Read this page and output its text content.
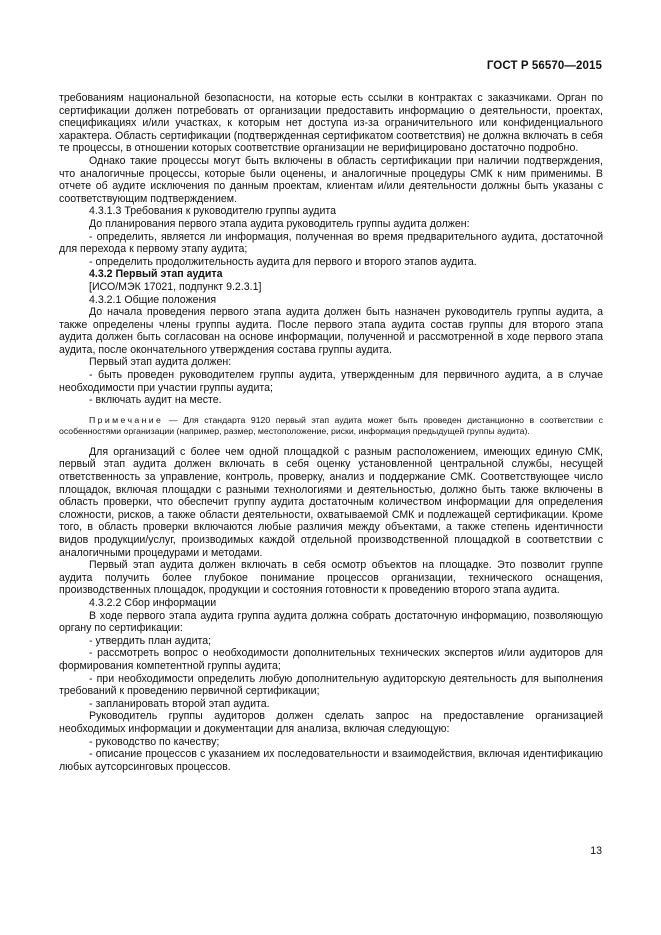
ГОСТ Р 56570—2015

требованиям национальной безопасности, на которые есть ссылки в контрактах с заказчиками. Орган по сертификации должен потребовать от организации предоставить информацию о деятельности, проектах, спецификациях и/или участках, к которым нет доступа из-за ограничительного или конфиденциального характера. Область сертификации (подтвержденная сертификатом соответствия) не должна включать в себя те процессы, в отношении которых соответствие организации не верифицировано достаточно подробно.

Однако такие процессы могут быть включены в область сертификации при наличии подтверждения, что аналогичные процессы, которые были оценены, и аналогичные процедуры СМК к ним применимы. В отчете об аудите исключения по данным проектам, клиентам и/или деятельности должны быть указаны с соответствующим подтверждением.

4.3.1.3 Требования к руководителю группы аудита

До планирования первого этапа аудита руководитель группы аудита должен:

- определить, является ли информация, полученная во время предварительного аудита, достаточной для перехода к первому этапу аудита;

- определить продолжительность аудита для первого и второго этапов аудита.

4.3.2 Первый этап аудита

[ИСО/МЭК 17021, подпункт 9.2.3.1]

4.3.2.1 Общие положения

До начала проведения первого этапа аудита должен быть назначен руководитель группы аудита, а также определены члены группы аудита. После первого этапа аудита состав группы для второго этапа аудита должен быть согласован на основе информации, полученной и рассмотренной в ходе первого этапа аудита, после окончательного утверждения состава группы аудита.

Первый этап аудита должен:

- быть проведен руководителем группы аудита, утвержденным для первичного аудита, а в случае необходимости при участии группы аудита;

- включать аудит на месте.

Примечание — Для стандарта 9120 первый этап аудита может быть проведен дистанционно в соответствии с особенностями организации (например, размер, местоположение, риски, информация предыдущей группы аудита).

Для организаций с более чем одной площадкой с разным расположением, имеющих единую СМК, первый этап аудита должен включать в себя оценку установленной центральной службы, несущей ответственность за управление, контроль, проверку, анализ и поддержание СМК. Соответствующее число площадок, включая площадки с разными технологиями и деятельностью, должно быть также включены в область проверки, что обеспечит группу аудита достаточным количеством информации для определения сложности, рисков, а также области деятельности, охватываемой СМК и подлежащей сертификации. Кроме того, в область проверки включаются любые различия между объектами, а также степень идентичности видов продукции/услуг, производимых каждой отдельной производственной площадкой в соответствии с аналогичными процедурами и методами.

Первый этап аудита должен включать в себя осмотр объектов на площадке. Это позволит группе аудита получить более глубокое понимание процессов организации, технического оснащения, производственных площадок, продукции и состояния готовности к проведению второго этапа аудита.

4.3.2.2 Сбор информации

В ходе первого этапа аудита группа аудита должна собрать достаточную информацию, позволяющую органу по сертификации:

- утвердить план аудита;

- рассмотреть вопрос о необходимости дополнительных технических экспертов и/или аудиторов для формирования компетентной группы аудита;

- при необходимости определить любую дополнительную аудиторскую деятельность для выполнения требований к проведению первичной сертификации;

- запланировать второй этап аудита.

Руководитель группы аудиторов должен сделать запрос на предоставление организацией необходимых информации и документации для анализа, включая следующую:

- руководство по качеству;

- описание процессов с указанием их последовательности и взаимодействия, включая идентификацию любых аутсорсинговых процессов.

13
